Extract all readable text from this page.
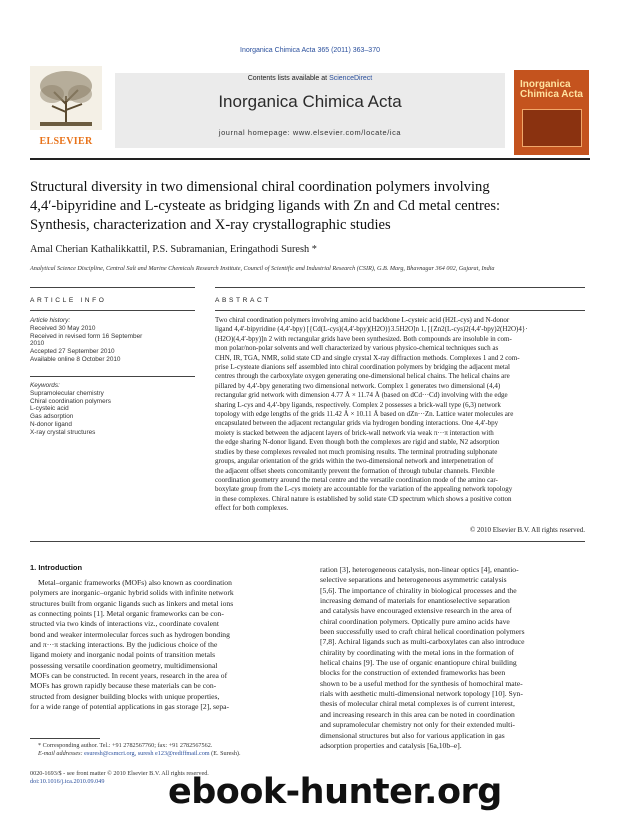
Inorganica Chimica Acta 365 (2011) 363–370
ELSEVIER
Contents lists available at ScienceDirect
Inorganica Chimica Acta
journal homepage: www.elsevier.com/locate/ica
Inorganica Chimica Acta
Structural diversity in two dimensional chiral coordination polymers involving
4,4′-bipyridine and L-cysteate as bridging ligands with Zn and Cd metal centres:
Synthesis, characterization and X-ray crystallographic studies
Amal Cherian Kathalikkattil, P.S. Subramanian, Eringathodi Suresh *
Analytical Science Discipline, Central Salt and Marine Chemicals Research Institute, Council of Scientific and Industrial Research (CSIR), G.B. Marg, Bhavnagar 364 002, Gujarat, India
ARTICLE INFO
Article history:
Received 30 May 2010
Received in revised form 16 September
2010
Accepted 27 September 2010
Available online 8 October 2010
Keywords:
Supramolecular chemistry
Chiral coordination polymers
L-cysteic acid
Gas adsorption
N-donor ligand
X-ray crystal structures
ABSTRACT
Two chiral coordination polymers involving amino acid backbone L-cysteic acid (H2L-cys) and N-donor
ligand 4,4′-bipyridine (4,4′-bpy) [{Cd(L-cys)(4,4′-bpy)(H2O)}3.5H2O]n 1, [{Zn2(L-cys)2(4,4′-bpy)2(H2O)4}·
(H2O)(4,4′-bpy)]n 2 with rectangular grids have been synthesized. Both compounds are insoluble in com-
mon polar/non-polar solvents and well characterized by various physico-chemical techniques such as
CHN, IR, TGA, NMR, solid state CD and single crystal X-ray diffraction methods. Complexes 1 and 2 com-
prise L-cysteate dianions self assembled into chiral coordination polymers by bridging the adjacent metal
centres through the carboxylate oxygen generating one-dimensional helical chains. The helical chains are
pillared by 4,4′-bpy generating two dimensional network. Complex 1 generates two dimensional (4,4)
rectangular grid network with dimension 4.77 Å × 11.74 Å (based on dCd···Cd) involving with the edge
sharing L-cys and 4,4′-bpy ligands, respectively. Complex 2 possesses a brick-wall type (6,3) network
topology with edge lengths of the grids 11.42 Å × 10.11 Å based on dZn···Zn. Lattice water molecules are
encapsulated between the adjacent rectangular grids via hydrogen bonding interactions. One 4,4′-bpy
moiety is stacked between the adjacent layers of brick-wall network via weak π···π interaction with
the edge sharing N-donor ligand. Even though both the complexes are rigid and stable, N2 adsorption
studies by these complexes revealed not much promising results. The terminal protruding sulphonate
groups, angular orientation of the grids within the two-dimensional network and interpenetration of
the adjacent offset sheets concomitantly prevent the formation of through tubular channels. Flexible
coordination geometry around the metal centre and the versatile coordination mode of the amino car-
boxylate group from the L-cys moiety are accountable for the variation of the appealing network topology
in these complexes. Chiral nature is established by solid state CD spectrum which shows a positive cotton
effect for both complexes.
© 2010 Elsevier B.V. All rights reserved.
1. Introduction
Metal–organic frameworks (MOFs) also known as coordination
polymers are inorganic–organic hybrid solids with infinite network
structures built from organic ligands such as linkers and metal ions
as connecting points [1]. Metal organic frameworks can be con-
structed via two kinds of interactions viz., coordinate covalent
bond and weaker intermolecular forces such as hydrogen bonding
and π···π stacking interactions. By the judicious choice of the
ligand moiety and inorganic nodal points of transition metals
possessing versatile coordination geometry, multidimensional
MOFs can be constructed. In recent years, research in the area of
MOFs has grown rapidly because these materials can be con-
structed from designer building blocks with unique properties,
for a wide range of potential applications in gas storage [2], sepa-
ration [3], heterogeneous catalysis, non-linear optics [4], enantio-
selective separations and heterogeneous asymmetric catalysis
[5,6]. The importance of chirality in biological processes and the
increasing demand of materials for enantioselective separation
and catalysis have encouraged extensive research in the area of
chiral coordination polymers. Optically pure amino acids have
been successfully used to craft chiral helical coordination polymers
[7,8]. Achiral ligands such as multi-carboxylates can also introduce
chirality by coordinating with the metal ions in the formation of
helical chains [9]. The use of organic enantiopure chiral building
blocks for the construction of extended frameworks has been
shown to be a useful method for the synthesis of homochiral mate-
rials with aesthetic multi-dimensional network topology [10]. Syn-
thesis of molecular chiral metal complexes is of current interest,
and increasing research in this area can be noted in coordination
and supramolecular chemistry not only for their extended multi-
dimensional structures but also for various application in gas
adsorption properties and catalysis [6a,10b–e].
* Corresponding author. Tel.: +91 2782567760; fax: +91 2782567562.
E-mail addresses: esuresh@csmcri.org, suresh e123@rediffmail.com (E. Suresh).
0020-1693/$ - see front matter © 2010 Elsevier B.V. All rights reserved.
doi:10.1016/j.ica.2010.09.049	ebook-hunter.org
